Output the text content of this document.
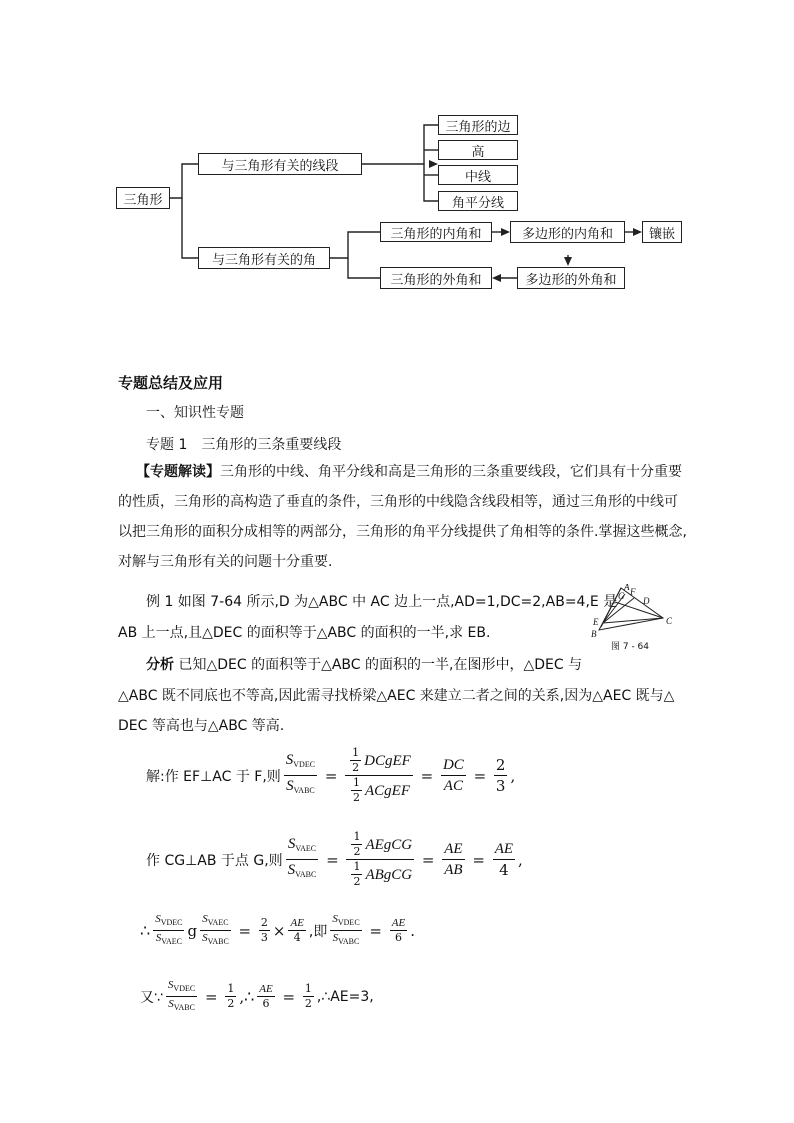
三角形
与三角形有关的线段
与三角形有关的角
三角形的边
高
中线
角平分线
三角形的内角和	多边形的内角和	镶嵌
三角形的外角和	多边形的外角和
专题总结及应用
一、知识性专题
专题 1　三角形的三条重要线段
【专题解读】三角形的中线、角平分线和高是三角形的三条重要线段，它们具有十分重要的性质，三角形的高构造了垂直的条件，三角形的中线隐含线段相等，通过三角形的中线可以把三角形的面积分成相等的两部分，三角形的角平分线提供了角相等的条件.掌握这些概念,对解与三角形有关的问题十分重要.
例 1 如图 7-64 所示,D 为△ABC 中 AC 边上一点,AD=1,DC=2,AB=4,E 是
AB 上一点,且△DEC 的面积等于△ABC 的面积的一半,求 EB.
A
G F
D
E
B
C
图 7 - 64
分析 已知△DEC 的面积等于△ABC 的面积的一半,在图形中，△DEC 与
△ABC 既不同底也不等高,因此需寻找桥梁△AEC 来建立二者之间的关系,因为△AEC 既与△
DEC 等高也与△ABC 等高.
解:作 EF⊥AC 于 F,则 $\frac{S_{VDEC}}{S_{VABC}} = \frac{\frac{1}{2} DCgEF}{\frac{1}{2} ACgEF} = \frac{DC}{AC} = \frac{2}{3}$ ,
作 CG⊥AB 于点 G,则 $\frac{S_{VAEC}}{S_{VABC}} = \frac{\frac{1}{2} AEgCG}{\frac{1}{2} ABgCG} = \frac{AE}{AB} = \frac{AE}{4}$ ,
∴ $\frac{S_{VDEC}}{S_{VAEC}}$ g $\frac{S_{VAEC}}{S_{VABC}} = \frac{2}{3} \times \frac{AE}{4}$ ,即 $\frac{S_{VDEC}}{S_{VABC}} = \frac{AE}{6}$ .
又∵ $\frac{S_{VDEC}}{S_{VABC}} = \frac{1}{2}$ , ∴ $\frac{AE}{6} = \frac{1}{2}$ ,∴AE=3,
